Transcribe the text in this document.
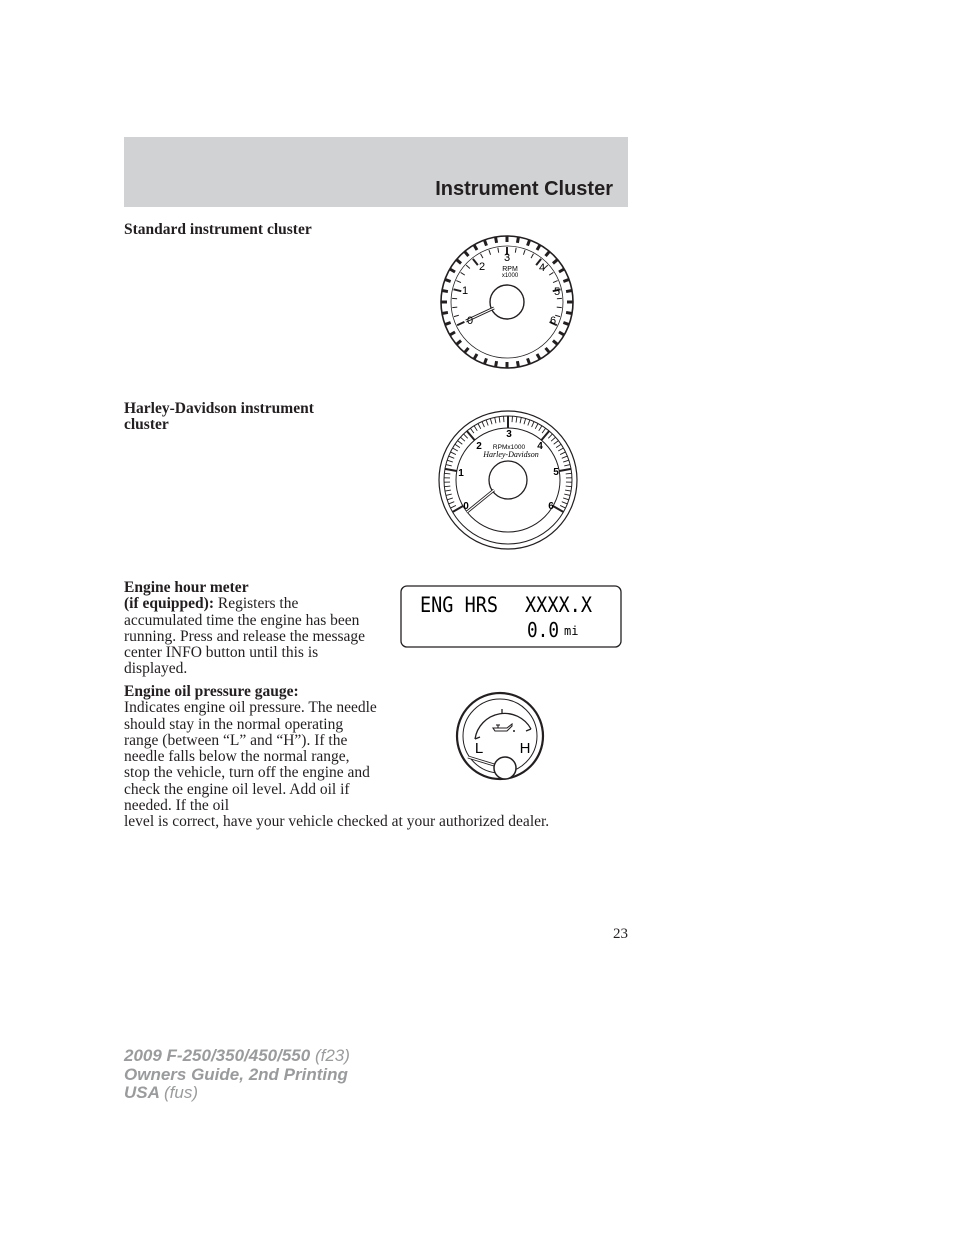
Instrument Cluster
Standard instrument cluster
0
1
2
3
4
5
6
RPM
x1000
Harley-Davidson instrument cluster
0
1
2
3
4
5
6
RPMx1000
Harley-Davidson
Engine hour meter
(if equipped): Registers the accumulated time the engine has been running. Press and release the message center INFO button until this is displayed.
ENG HRS XXXX.X
0.0 mi
Engine oil pressure gauge:
Indicates engine oil pressure. The needle should stay in the normal operating range (between “L” and “H”). If the needle falls below the normal range, stop the vehicle, turn off the engine and check the engine oil level. Add oil if needed. If the oil
level is correct, have your vehicle checked at your authorized dealer.
L H
23
2009 F-250/350/450/550 (f23)
Owners Guide, 2nd Printing
USA (fus)
